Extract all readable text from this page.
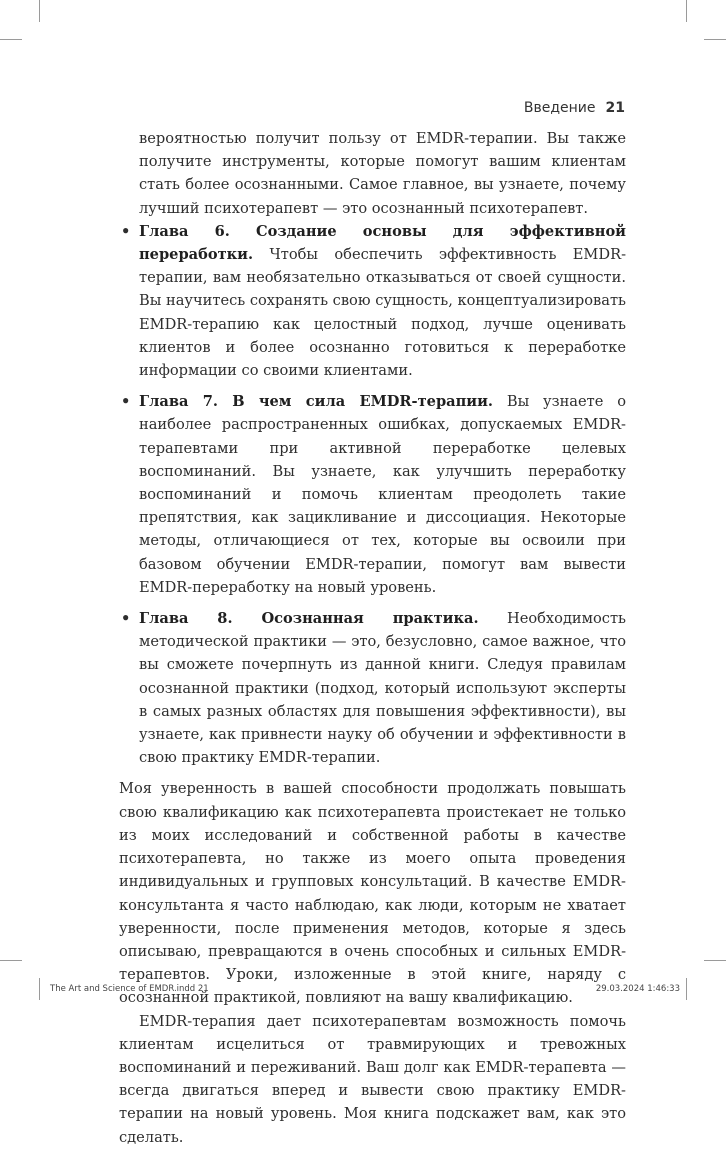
Введение 21

вероятностью получит пользу от EMDR-терапии. Вы также получите инструменты, которые помогут вашим клиентам стать более осознанными. Самое главное, вы узнаете, почему лучший психотерапевт — это осознанный психотерапевт.

• Глава 6. Создание основы для эффективной переработки. Чтобы обеспечить эффективность EMDR-терапии, вам необязательно отказываться от своей сущности. Вы научитесь сохранять свою сущность, концептуализировать EMDR-терапию как целостный подход, лучше оценивать клиентов и более осознанно готовиться к переработке информации со своими клиентами.
• Глава 7. В чем сила EMDR-терапии. Вы узнаете о наиболее распространенных ошибках, допускаемых EMDR-терапевтами при активной переработке целевых воспоминаний. Вы узнаете, как улучшить переработку воспоминаний и помочь клиентам преодолеть такие препятствия, как зацикливание и диссоциация. Некоторые методы, отличающиеся от тех, которые вы освоили при базовом обучении EMDR-терапии, помогут вам вывести EMDR-переработку на новый уровень.
• Глава 8. Осознанная практика. Необходимость методической практики — это, безусловно, самое важное, что вы сможете почерпнуть из данной книги. Следуя правилам осознанной практики (подход, который используют эксперты в самых разных областях для повышения эффективности), вы узнаете, как привнести науку об обучении и эффективности в свою практику EMDR-терапии.

Моя уверенность в вашей способности продолжать повышать свою квалификацию как психотерапевта проистекает не только из моих исследований и собственной работы в качестве психотерапевта, но также из моего опыта проведения индивидуальных и групповых консультаций. В качестве EMDR-консультанта я часто наблюдаю, как люди, которым не хватает уверенности, после применения методов, которые я здесь описываю, превращаются в очень способных и сильных EMDR-терапевтов. Уроки, изложенные в этой книге, наряду с осознанной практикой, повлияют на вашу квалификацию.

EMDR-терапия дает психотерапевтам возможность помочь клиентам исцелиться от травмирующих и тревожных воспоминаний и переживаний. Ваш долг как EMDR-терапевта — всегда двигаться вперед и вывести свою практику EMDR-терапии на новый уровень. Моя книга подскажет вам, как это сделать.

The Art and Science of EMDR.indd 21	29.03.2024 1:46:33
